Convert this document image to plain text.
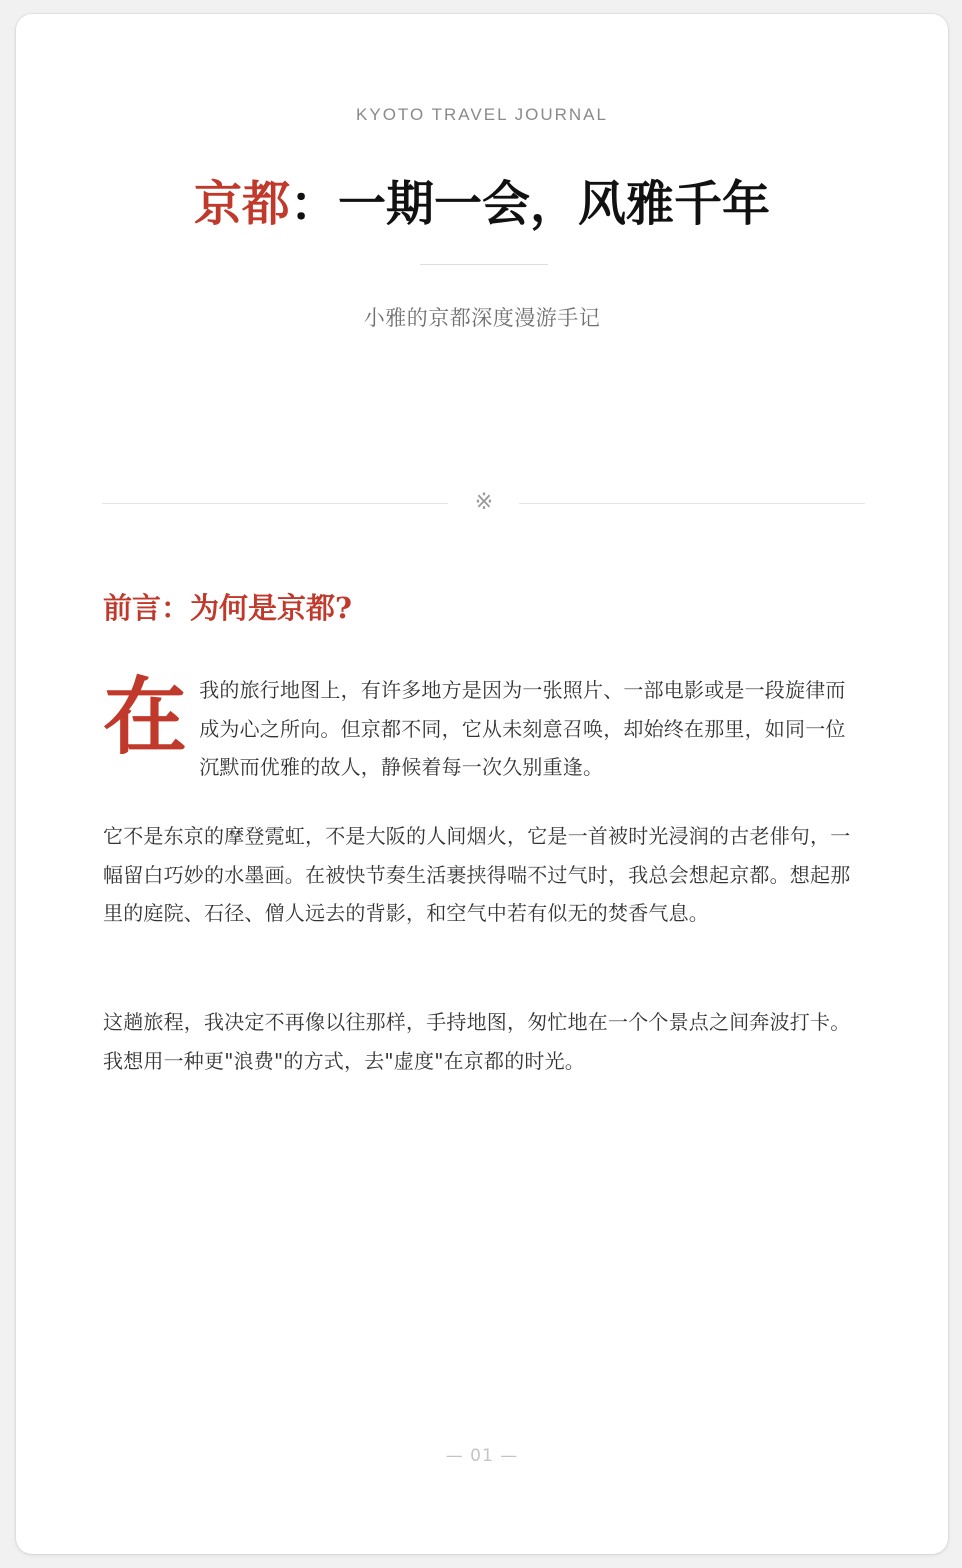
KYOTO TRAVEL JOURNAL
京都：一期一会，风雅千年
小雅的京都深度漫游手记
※
前言：为何是京都?

在我的旅行地图上，有许多地方是因为一张照片、一部电影或是一段旋律而成为心之所向。但京都不同，它从未刻意召唤，却始终在那里，如同一位沉默而优雅的故人，静候着每一次久别重逢。

它不是东京的摩登霓虹，不是大阪的人间烟火，它是一首被时光浸润的古老俳句，一幅留白巧妙的水墨画。在被快节奏生活裹挟得喘不过气时，我总会想起京都。想起那里的庭院、石径、僧人远去的背影，和空气中若有似无的焚香气息。

这趟旅程，我决定不再像以往那样，手持地图，匆忙地在一个个景点之间奔波打卡。我想用一种更"浪费"的方式，去"虚度"在京都的时光。

— 01 —
